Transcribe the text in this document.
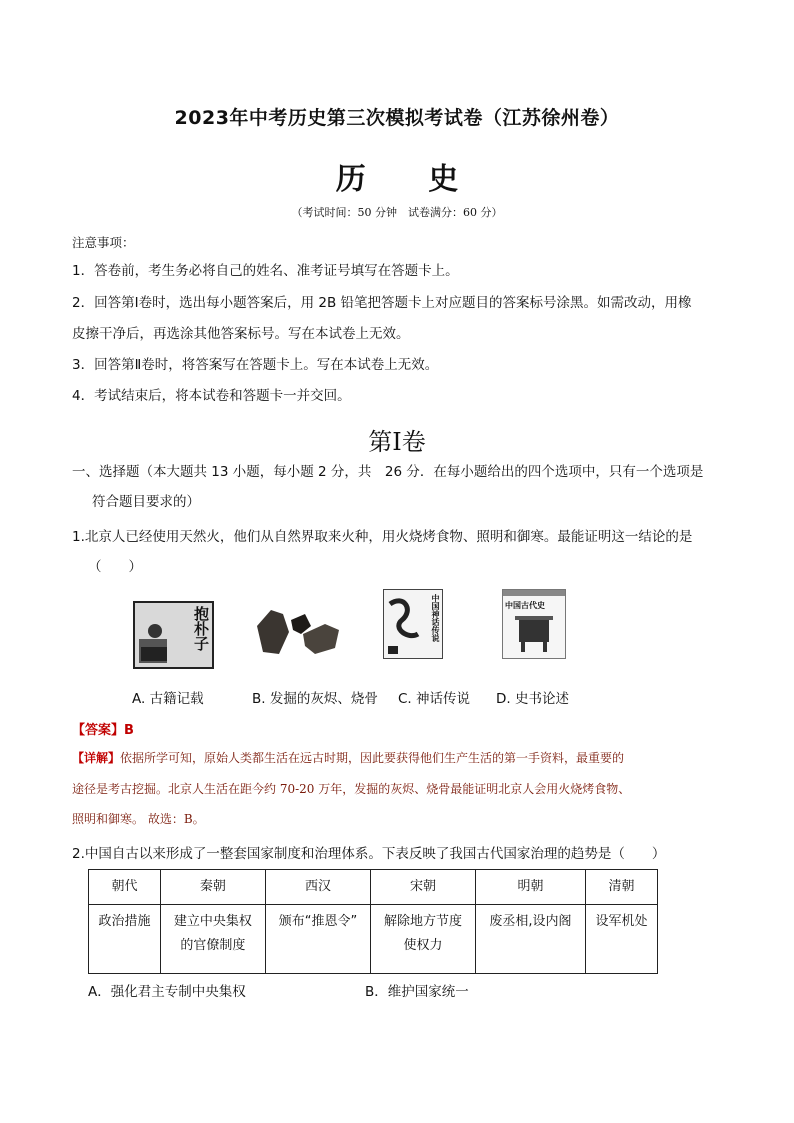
2023年中考历史第三次模拟考试卷（江苏徐州卷）
历 史
（考试时间：50 分钟　试卷满分：60 分）
注意事项：
1．答卷前，考生务必将自己的姓名、准考证号填写在答题卡上。
2．回答第Ⅰ卷时，选出每小题答案后，用 2B 铅笔把答题卡上对应题目的答案标号涂黑。如需改动，用橡
皮擦干净后，再选涂其他答案标号。写在本试卷上无效。
3．回答第Ⅱ卷时，将答案写在答题卡上。写在本试卷上无效。
4．考试结束后，将本试卷和答题卡一并交回。
第Ⅰ卷
一、选择题（本大题共 13 小题，每小题 2 分，共　26 分．在每小题给出的四个选项中，只有一个选项是
符合题目要求的）
1.北京人已经使用天然火，他们从自然界取来火种，用火烧烤食物、照明和御寒。最能证明这一结论的是
（　　）
抱朴子	中国神话传说	中国古代史
A. 古籍记载	B. 发掘的灰烬、烧骨 C. 神话传说 D. 史书论述
【答案】B
【详解】依据所学可知，原始人类都生活在远古时期，因此要获得他们生产生活的第一手资料，最重要的
途径是考古挖掘。北京人生活在距今约 70-20 万年，发掘的灰烬、烧骨最能证明北京人会用火烧烤食物、
照明和御寒。 故选：B。
2.中国自古以来形成了一整套国家制度和治理体系。下表反映了我国古代国家治理的趋势是（　　）
朝代	秦朝	西汉	宋朝	明朝	清朝
政治措施	建立中央集权
的官僚制度	颁布“推恩令”	解除地方节度
使权力	废丞相,设内阁	设军机处
A．强化君主专制中央集权	B．维护国家统一
